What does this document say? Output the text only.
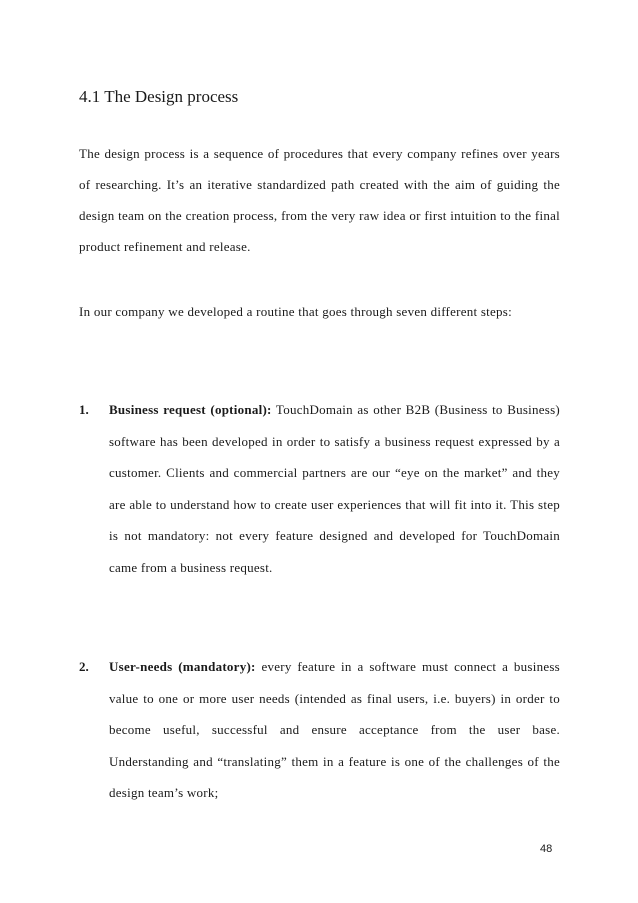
4.1 The Design process

The design process is a sequence of procedures that every company refines over years of researching. It’s an iterative standardized path created with the aim of guiding the design team on the creation process, from the very raw idea or first intuition to the final product refinement and release.

In our company we developed a routine that goes through seven different steps:

1. Business request (optional): TouchDomain as other B2B (Business to Business) software has been developed in order to satisfy a business request expressed by a customer. Clients and commercial partners are our “eye on the market” and they are able to understand how to create user experiences that will fit into it. This step is not mandatory: not every feature designed and developed for TouchDomain came from a business request.

2. User-needs (mandatory): every feature in a software must connect a business value to one or more user needs (intended as final users, i.e. buyers) in order to become useful, successful and ensure acceptance from the user base. Understanding and “translating” them in a feature is one of the challenges of the design team’s work;

48
